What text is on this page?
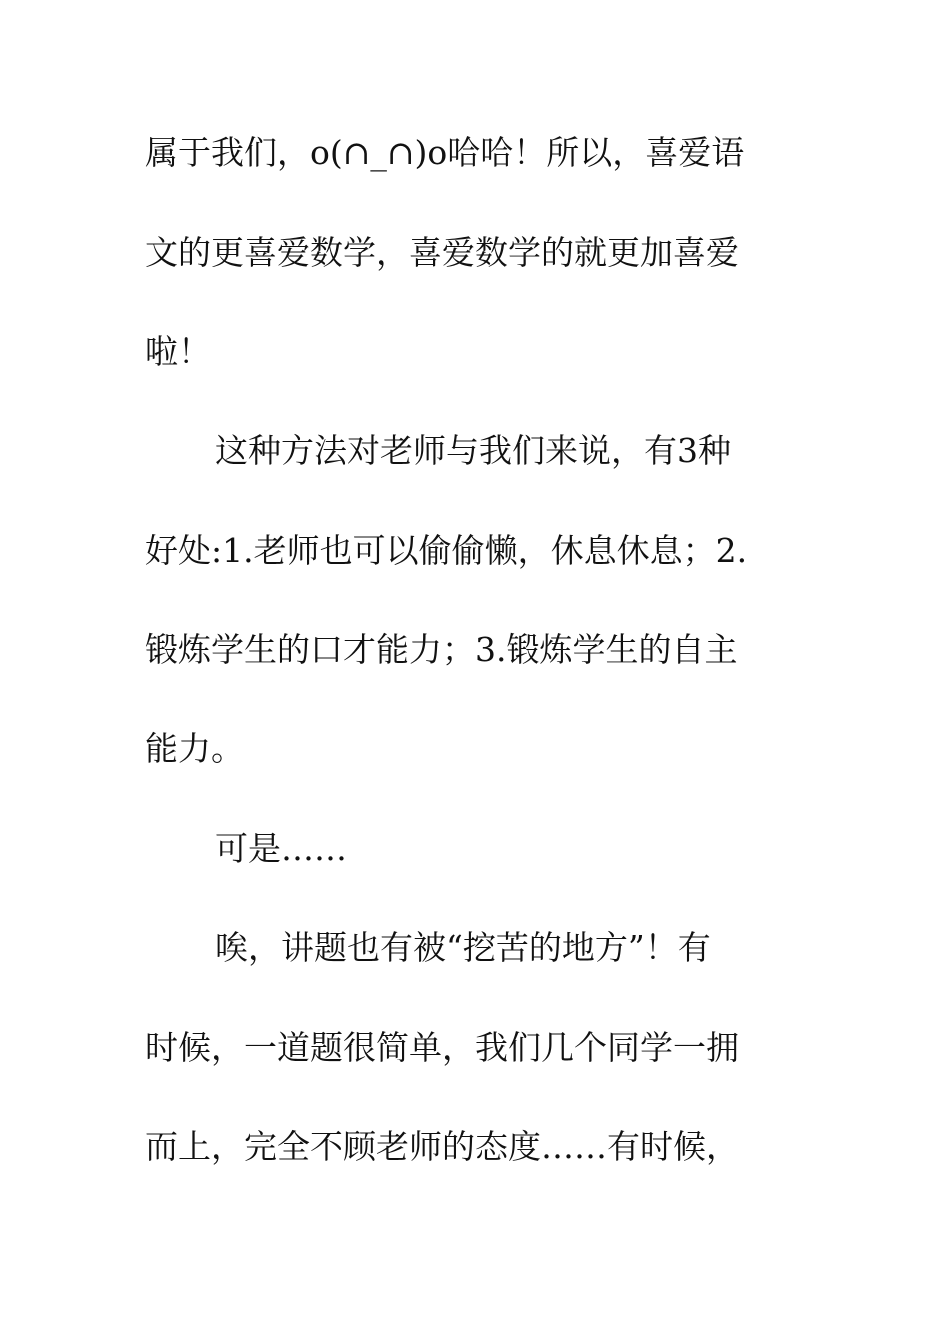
属于我们，o(∩_∩)o哈哈！所以，喜爱语
文的更喜爱数学，喜爱数学的就更加喜爱
啦！
这种方法对老师与我们来说，有3种
好处:1.老师也可以偷偷懒，休息休息；2.
锻炼学生的口才能力；3.锻炼学生的自主
能力。
可是……
唉，讲题也有被“挖苦的地方”！有
时候，一道题很简单，我们几个同学一拥
而上，完全不顾老师的态度……有时候，
